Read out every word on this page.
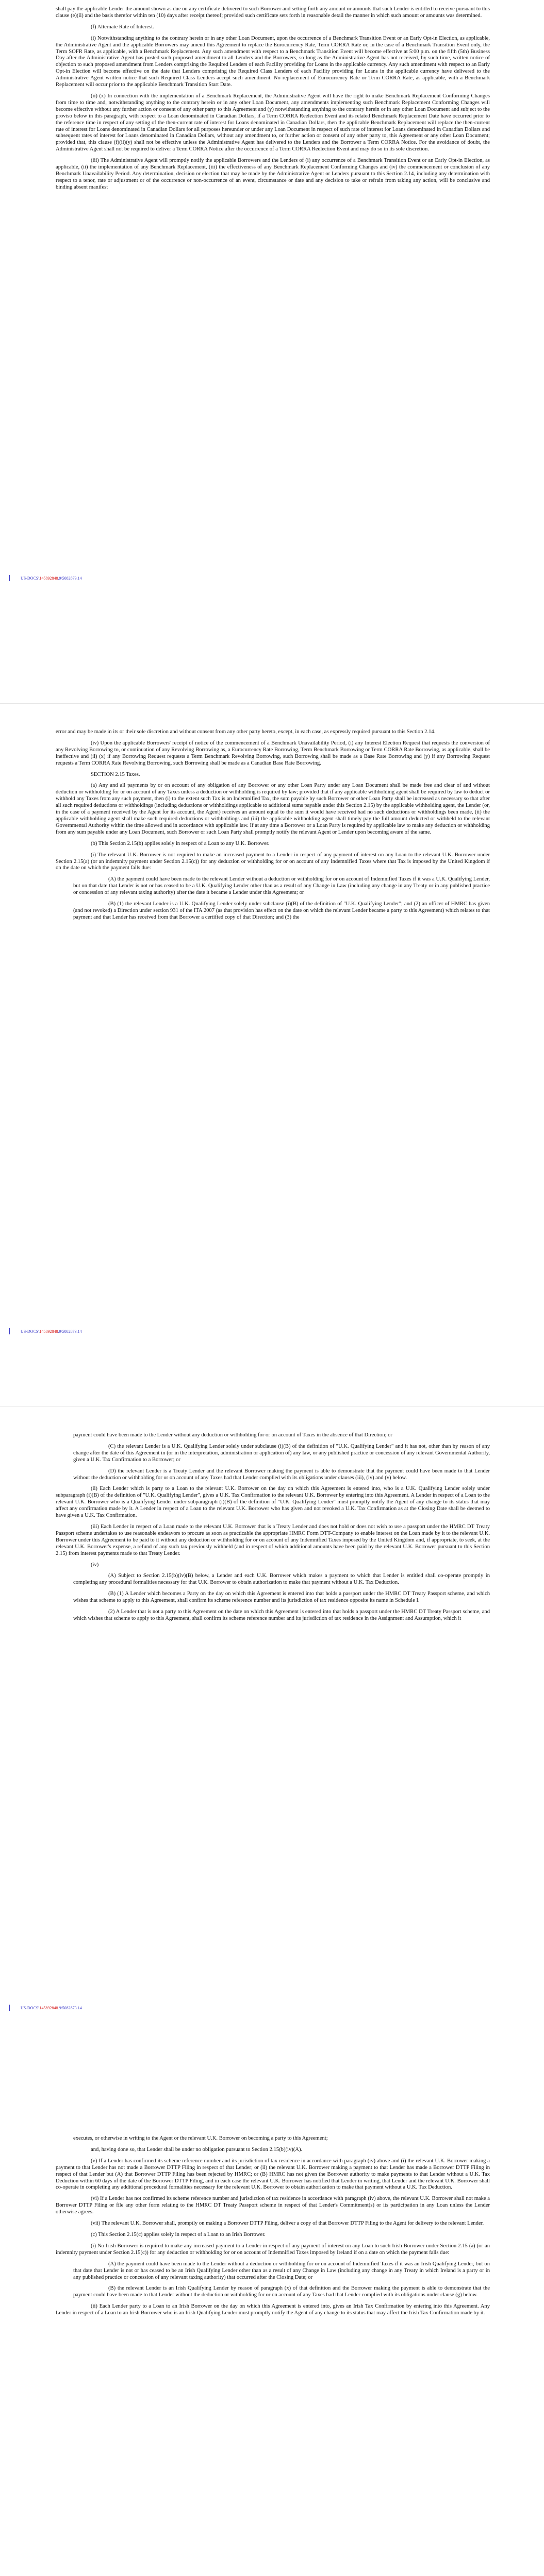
shall pay the applicable Lender the amount shown as due on any certificate delivered to such Borrower and setting forth any amount or amounts that such Lender is entitled to receive pursuant to this clause (e)(ii) and the basis therefor within ten (10) days after receipt thereof; provided such certificate sets forth in reasonable detail the manner in which such amount or amounts was determined.

(f) Alternate Rate of Interest.

(i) Notwithstanding anything to the contrary herein or in any other Loan Document, upon the occurrence of a Benchmark Transition Event or an Early Opt-in Election, as applicable, the Administrative Agent and the applicable Borrowers may amend this Agreement to replace the Eurocurrency Rate, Term CORRA Rate or, in the case of a Benchmark Transition Event only, the Term SOFR Rate, as applicable, with a Benchmark Replacement. Any such amendment with respect to a Benchmark Transition Event will become effective at 5:00 p.m. on the fifth (5th) Business Day after the Administrative Agent has posted such proposed amendment to all Lenders and the Borrowers, so long as the Administrative Agent has not received, by such time, written notice of objection to such proposed amendment from Lenders comprising the Required Lenders of each Facility providing for Loans in the applicable currency. Any such amendment with respect to an Early Opt-in Election will become effective on the date that Lenders comprising the Required Class Lenders of each Facility providing for Loans in the applicable currency have delivered to the Administrative Agent written notice that such Required Class Lenders accept such amendment. No replacement of Eurocurrency Rate or Term CORRA Rate, as applicable, with a Benchmark Replacement will occur prior to the applicable Benchmark Transition Start Date.

(ii) (x) In connection with the implementation of a Benchmark Replacement, the Administrative Agent will have the right to make Benchmark Replacement Conforming Changes from time to time and, notwithstanding anything to the contrary herein or in any other Loan Document, any amendments implementing such Benchmark Replacement Conforming Changes will become effective without any further action or consent of any other party to this Agreement and (y) notwithstanding anything to the contrary herein or in any other Loan Document and subject to the proviso below in this paragraph, with respect to a Loan denominated in Canadian Dollars, if a Term CORRA Reelection Event and its related Benchmark Replacement Date have occurred prior to the reference time in respect of any setting of the then-current rate of interest for Loans denominated in Canadian Dollars, then the applicable Benchmark Replacement will replace the then-current rate of interest for Loans denominated in Canadian Dollars for all purposes hereunder or under any Loan Document in respect of such rate of interest for Loans denominated in Canadian Dollars and subsequent rates of interest for Loans denominated in Canadian Dollars, without any amendment to, or further action or consent of any other party to, this Agreement or any other Loan Document; provided that, this clause (f)(ii)(y) shall not be effective unless the Administrative Agent has delivered to the Lenders and the Borrower a Term CORRA Notice. For the avoidance of doubt, the Administrative Agent shall not be required to deliver a Term CORRA Notice after the occurrence of a Term CORRA Reelection Event and may do so in its sole discretion.

(iii) The Administrative Agent will promptly notify the applicable Borrowers and the Lenders of (i) any occurrence of a Benchmark Transition Event or an Early Opt-in Election, as applicable, (ii) the implementation of any Benchmark Replacement, (iii) the effectiveness of any Benchmark Replacement Conforming Changes and (iv) the commencement or conclusion of any Benchmark Unavailability Period. Any determination, decision or election that may be made by the Administrative Agent or Lenders pursuant to this Section 2.14, including any determination with respect to a tenor, rate or adjustment or of the occurrence or non-occurrence of an event, circumstance or date and any decision to take or refrain from taking any action, will be conclusive and binding absent manifest

US-DOCS\145892848.9\5082873.14

error and may be made in its or their sole discretion and without consent from any other party hereto, except, in each case, as expressly required pursuant to this Section 2.14.

(iv) Upon the applicable Borrowers' receipt of notice of the commencement of a Benchmark Unavailability Period, (i) any Interest Election Request that requests the conversion of any Revolving Borrowing to, or continuation of any Revolving Borrowing as, a Eurocurrency Rate Borrowing, Term Benchmark Borrowing or Term CORRA Rate Borrowing, as applicable, shall be ineffective and (ii) (x) if any Borrowing Request requests a Term Benchmark Revolving Borrowing, such Borrowing shall be made as a Base Rate Borrowing and (y) if any Borrowing Request requests a Term CORRA Rate Revolving Borrowing, such Borrowing shall be made as a Canadian Base Rate Borrowing.

SECTION 2.15 Taxes.

(a) Any and all payments by or on account of any obligation of any Borrower or any other Loan Party under any Loan Document shall be made free and clear of and without deduction or withholding for or on account of any Taxes unless a deduction or withholding is required by law; provided that if any applicable withholding agent shall be required by law to deduct or withhold any Taxes from any such payment, then (i) to the extent such Tax is an Indemnified Tax, the sum payable by such Borrower or other Loan Party shall be increased as necessary so that after all such required deductions or withholdings (including deductions or withholdings applicable to additional sums payable under this Section 2.15) by the applicable withholding agent, the Lender (or, in the case of a payment received by the Agent for its account, the Agent) receives an amount equal to the sum it would have received had no such deductions or withholdings been made, (ii) the applicable withholding agent shall make such required deductions or withholdings and (iii) the applicable withholding agent shall timely pay the full amount deducted or withheld to the relevant Governmental Authority within the time allowed and in accordance with applicable law. If at any time a Borrower or a Loan Party is required by applicable law to make any deduction or withholding from any sum payable under any Loan Document, such Borrower or such Loan Party shall promptly notify the relevant Agent or Lender upon becoming aware of the same.

(b) This Section 2.15(b) applies solely in respect of a Loan to any U.K. Borrower.

(i) The relevant U.K. Borrower is not required to make an increased payment to a Lender in respect of any payment of interest on any Loan to the relevant U.K. Borrower under Section 2.15(a) (or an indemnity payment under Section 2.15(c)) for any deduction or withholding for or on account of any Indemnified Taxes where that Tax is imposed by the United Kingdom if on the date on which the payment falls due:

(A) the payment could have been made to the relevant Lender without a deduction or withholding for or on account of Indemnified Taxes if it was a U.K. Qualifying Lender, but on that date that Lender is not or has ceased to be a U.K. Qualifying Lender other than as a result of any Change in Law (including any change in any Treaty or in any published practice or concession of any relevant taxing authority) after the date it became a Lender under this Agreement; or

(B) (1) the relevant Lender is a U.K. Qualifying Lender solely under subclause (i)(B) of the definition of "U.K. Qualifying Lender"; and (2) an officer of HMRC has given (and not revoked) a Direction under section 931 of the ITA 2007 (as that provision has effect on the date on which the relevant Lender became a party to this Agreement) which relates to that payment and that Lender has received from that Borrower a certified copy of that Direction; and (3) the

US-DOCS\145892848.9\5082873.14

payment could have been made to the Lender without any deduction or withholding for or on account of Taxes in the absence of that Direction; or

(C) the relevant Lender is a U.K. Qualifying Lender solely under subclause (i)(B) of the definition of "U.K. Qualifying Lender" and it has not, other than by reason of any change after the date of this Agreement in (or in the interpretation, administration or application of) any law, or any published practice or concession of any relevant Governmental Authority, given a U.K. Tax Confirmation to a Borrower; or

(D) the relevant Lender is a Treaty Lender and the relevant Borrower making the payment is able to demonstrate that the payment could have been made to that Lender without the deduction or withholding for or on account of any Taxes had that Lender complied with its obligations under clauses (iii), (iv) and (v) below.

(ii) Each Lender which is party to a Loan to the relevant U.K. Borrower on the day on which this Agreement is entered into, who is a U.K. Qualifying Lender solely under subparagraph (i)(B) of the definition of "U.K. Qualifying Lender", gives a U.K. Tax Confirmation to the relevant U.K. Borrower by entering into this Agreement. A Lender in respect of a Loan to the relevant U.K. Borrower who is a Qualifying Lender under subparagraph (i)(B) of the definition of "U.K. Qualifying Lender" must promptly notify the Agent of any change to its status that may affect any confirmation made by it. A Lender in respect of a Loan to the relevant U.K. Borrower who has given and not revoked a U.K. Tax Confirmation as at the Closing Date shall be deemed to have given a U.K. Tax Confirmation.

(iii) Each Lender in respect of a Loan made to the relevant U.K. Borrower that is a Treaty Lender and does not hold or does not wish to use a passport under the HMRC DT Treaty Passport scheme undertakes to use reasonable endeavors to procure as soon as practicable the appropriate HMRC Form DTT-Company to enable interest on the Loan made by it to the relevant U.K. Borrower under this Agreement to be paid to it without any deduction or withholding for or on account of any Indemnified Taxes imposed by the United Kingdom and, if appropriate, to seek, at the relevant U.K. Borrower's expense, a refund of any such tax previously withheld (and in respect of which additional amounts have been paid by the relevant U.K. Borrower pursuant to this Section 2.15) from interest payments made to that Treaty Lender.

(iv)

(A) Subject to Section 2.15(b)(iv)(B) below, a Lender and each U.K. Borrower which makes a payment to which that Lender is entitled shall co-operate promptly in completing any procedural formalities necessary for that U.K. Borrower to obtain authorization to make that payment without a U.K. Tax Deduction.

(B) (1) A Lender which becomes a Party on the day on which this Agreement is entered into that holds a passport under the HMRC DT Treaty Passport scheme, and which wishes that scheme to apply to this Agreement, shall confirm its scheme reference number and its jurisdiction of tax residence opposite its name in Schedule I.

(2) A Lender that is not a party to this Agreement on the date on which this Agreement is entered into that holds a passport under the HMRC DT Treaty Passport scheme, and which wishes that scheme to apply to this Agreement, shall confirm its scheme reference number and its jurisdiction of tax residence in the Assignment and Assumption, which it

US-DOCS\145892848.9\5082873.14

executes, or otherwise in writing to the Agent or the relevant U.K. Borrower on becoming a party to this Agreement;

and, having done so, that Lender shall be under no obligation pursuant to Section 2.15(b)(iv)(A).

(v) If a Lender has confirmed its scheme reference number and its jurisdiction of tax residence in accordance with paragraph (iv) above and (i) the relevant U.K. Borrower making a payment to that Lender has not made a Borrower DTTP Filing in respect of that Lender; or (ii) the relevant U.K. Borrower making a payment to that Lender has made a Borrower DTTP Filing in respect of that Lender but (A) that Borrower DTTP Filing has been rejected by HMRC; or (B) HMRC has not given the Borrower authority to make payments to that Lender without a U.K. Tax Deduction within 60 days of the date of the Borrower DTTP Filing, and in each case the relevant U.K. Borrower has notified that Lender in writing, that Lender and the relevant U.K. Borrower shall co-operate in completing any additional procedural formalities necessary for the relevant U.K. Borrower to obtain authorization to make that payment without a U.K. Tax Deduction.

(vi) If a Lender has not confirmed its scheme reference number and jurisdiction of tax residence in accordance with paragraph (iv) above, the relevant U.K. Borrower shall not make a Borrower DTTP Filing or file any other form relating to the HMRC DT Treaty Passport scheme in respect of that Lender's Commitment(s) or its participation in any Loan unless the Lender otherwise agrees.

(vii) The relevant U.K. Borrower shall, promptly on making a Borrower DTTP Filing, deliver a copy of that Borrower DTTP Filing to the Agent for delivery to the relevant Lender.

(c) This Section 2.15(c) applies solely in respect of a Loan to an Irish Borrower.

(i) No Irish Borrower is required to make any increased payment to a Lender in respect of any payment of interest on any Loan to such Irish Borrower under Section 2.15 (a) (or an indemnity payment under Section 2.15(c)) for any deduction or withholding for or on account of Indemnified Taxes imposed by Ireland if on a date on which the payment falls due:

(A) the payment could have been made to the Lender without a deduction or withholding for or on account of Indemnified Taxes if it was an Irish Qualifying Lender, but on that date that Lender is not or has ceased to be an Irish Qualifying Lender other than as a result of any Change in Law (including any change in any Treaty in which Ireland is a party or in any published practice or concession of any relevant taxing authority) that occurred after the Closing Date; or

(B) the relevant Lender is an Irish Qualifying Lender by reason of paragraph (x) of that definition and the Borrower making the payment is able to demonstrate that the payment could have been made to that Lender without the deduction or withholding for or on account of any Taxes had that Lender complied with its obligations under clause (g) below.

(ii) Each Lender party to a Loan to an Irish Borrower on the day on which this Agreement is entered into, gives an Irish Tax Confirmation by entering into this Agreement. Any Lender in respect of a Loan to an Irish Borrower who is an Irish Qualifying Lender must promptly notify the Agent of any change to its status that may affect the Irish Tax Confirmation made by it.
